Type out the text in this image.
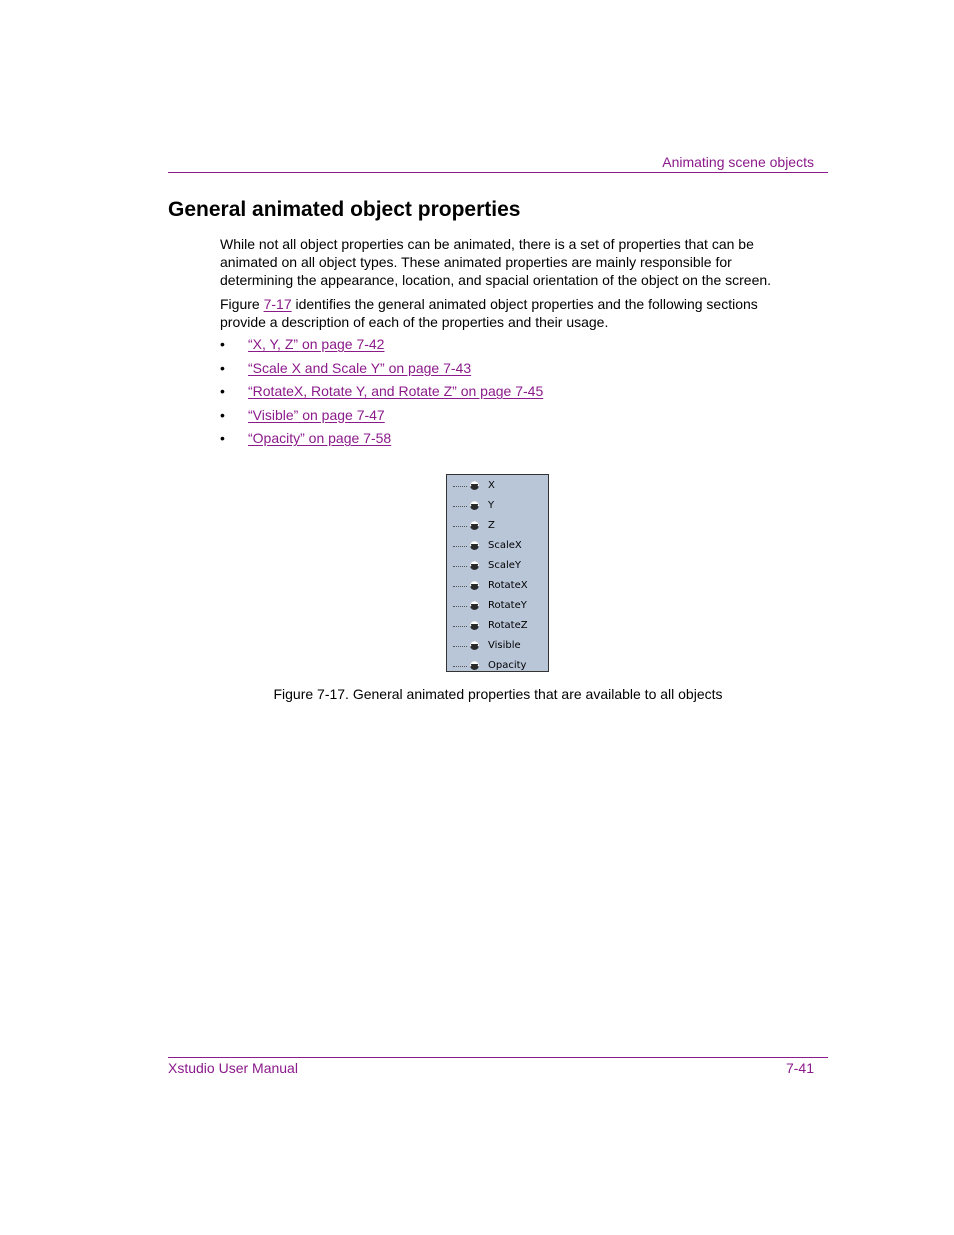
Animating scene objects
General animated object properties

While not all object properties can be animated, there is a set of properties that can be animated on all object types. These animated properties are mainly responsible for determining the appearance, location, and spacial orientation of the object on the screen.

Figure 7-17 identifies the general animated object properties and the following sections provide a description of each of the properties and their usage.

• “X, Y, Z” on page 7-42
• “Scale X and Scale Y” on page 7-43
• “RotateX, Rotate Y, and Rotate Z” on page 7-45
• “Visible” on page 7-47
• “Opacity” on page 7-58
X
Y
Z
ScaleX
ScaleY
RotateX
RotateY
RotateZ
Visible
Opacity
Figure 7-17. General animated properties that are available to all objects
Xstudio User Manual	7-41
